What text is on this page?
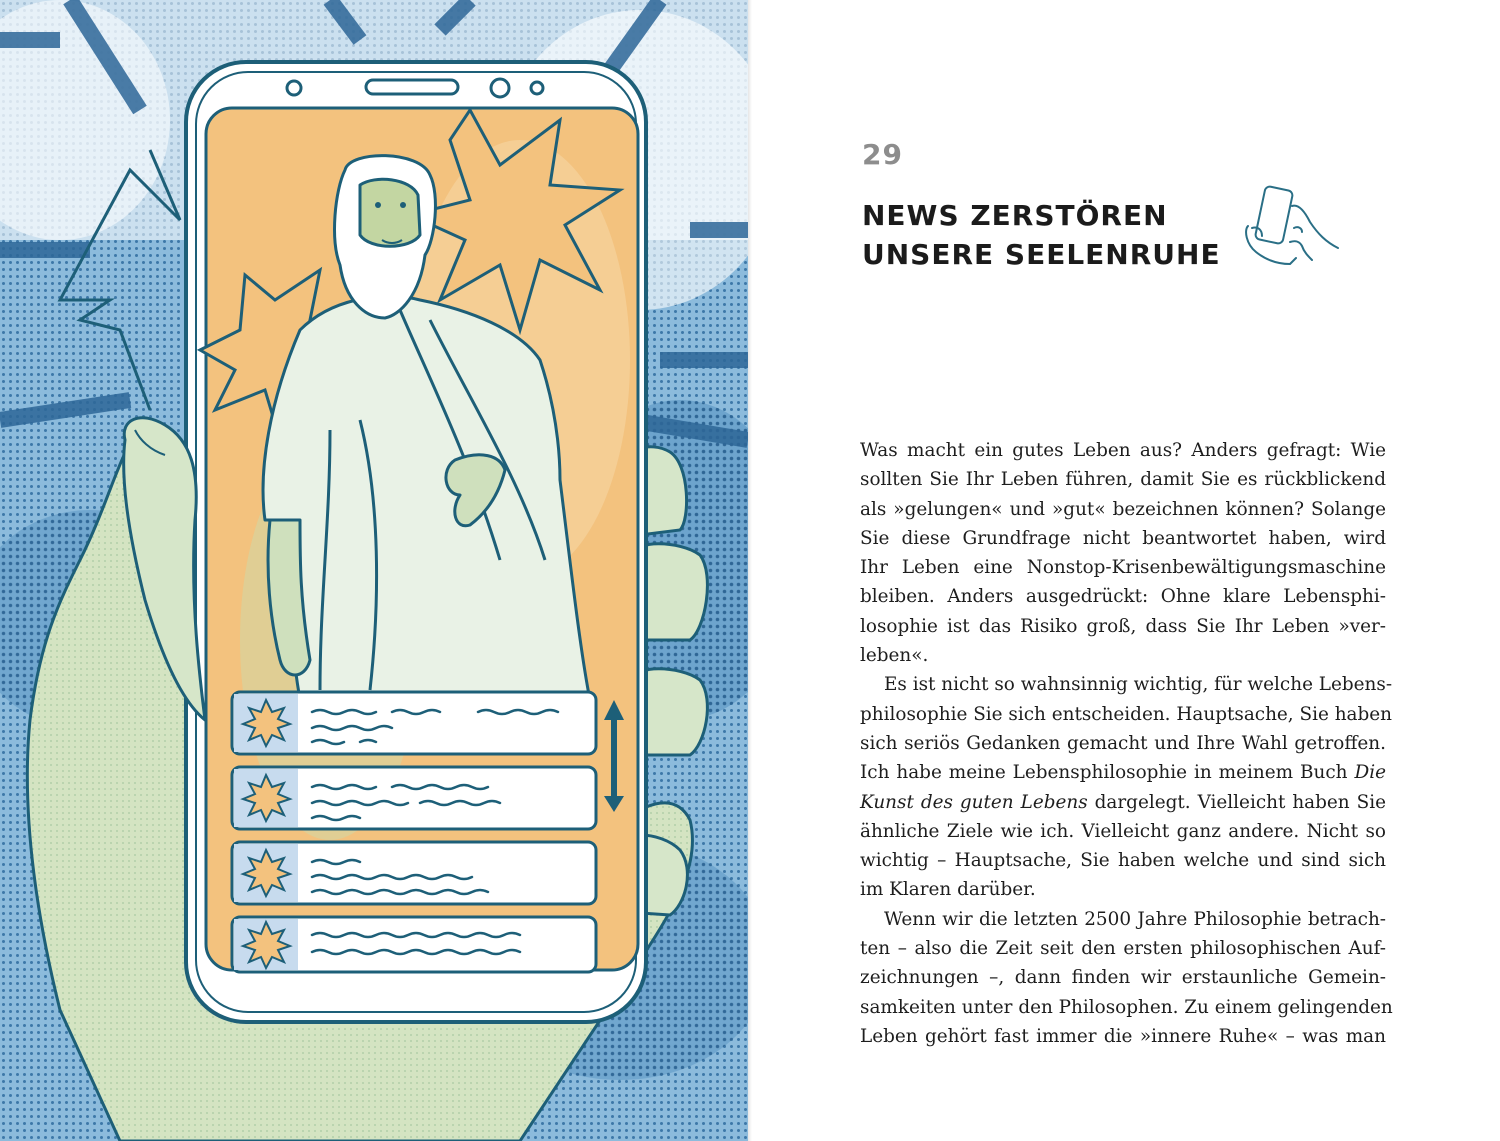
29
NEWS ZERSTÖREN
UNSERE SEELENRUHE
Was macht ein gutes Leben aus? Anders gefragt: Wie
sollten Sie Ihr Leben führen, damit Sie es rückblickend
als »gelungen« und »gut« bezeichnen können? Solange
Sie diese Grundfrage nicht beantwortet haben, wird
Ihr Leben eine Nonstop-Krisenbewältigungsmaschine
bleiben. Anders ausgedrückt: Ohne klare Lebensphi-
losophie ist das Risiko groß, dass Sie Ihr Leben »ver-
leben«.
Es ist nicht so wahnsinnig wichtig, für welche Lebens-
philosophie Sie sich entscheiden. Hauptsache, Sie haben
sich seriös Gedanken gemacht und Ihre Wahl getroffen.
Ich habe meine Lebensphilosophie in meinem Buch Die
Kunst des guten Lebens dargelegt. Vielleicht haben Sie
ähnliche Ziele wie ich. Vielleicht ganz andere. Nicht so
wichtig – Hauptsache, Sie haben welche und sind sich
im Klaren darüber.
Wenn wir die letzten 2500 Jahre Philosophie betrach-
ten – also die Zeit seit den ersten philosophischen Auf-
zeichnungen –, dann finden wir erstaunliche Gemein-
samkeiten unter den Philosophen. Zu einem gelingenden
Leben gehört fast immer die »innere Ruhe« – was man
